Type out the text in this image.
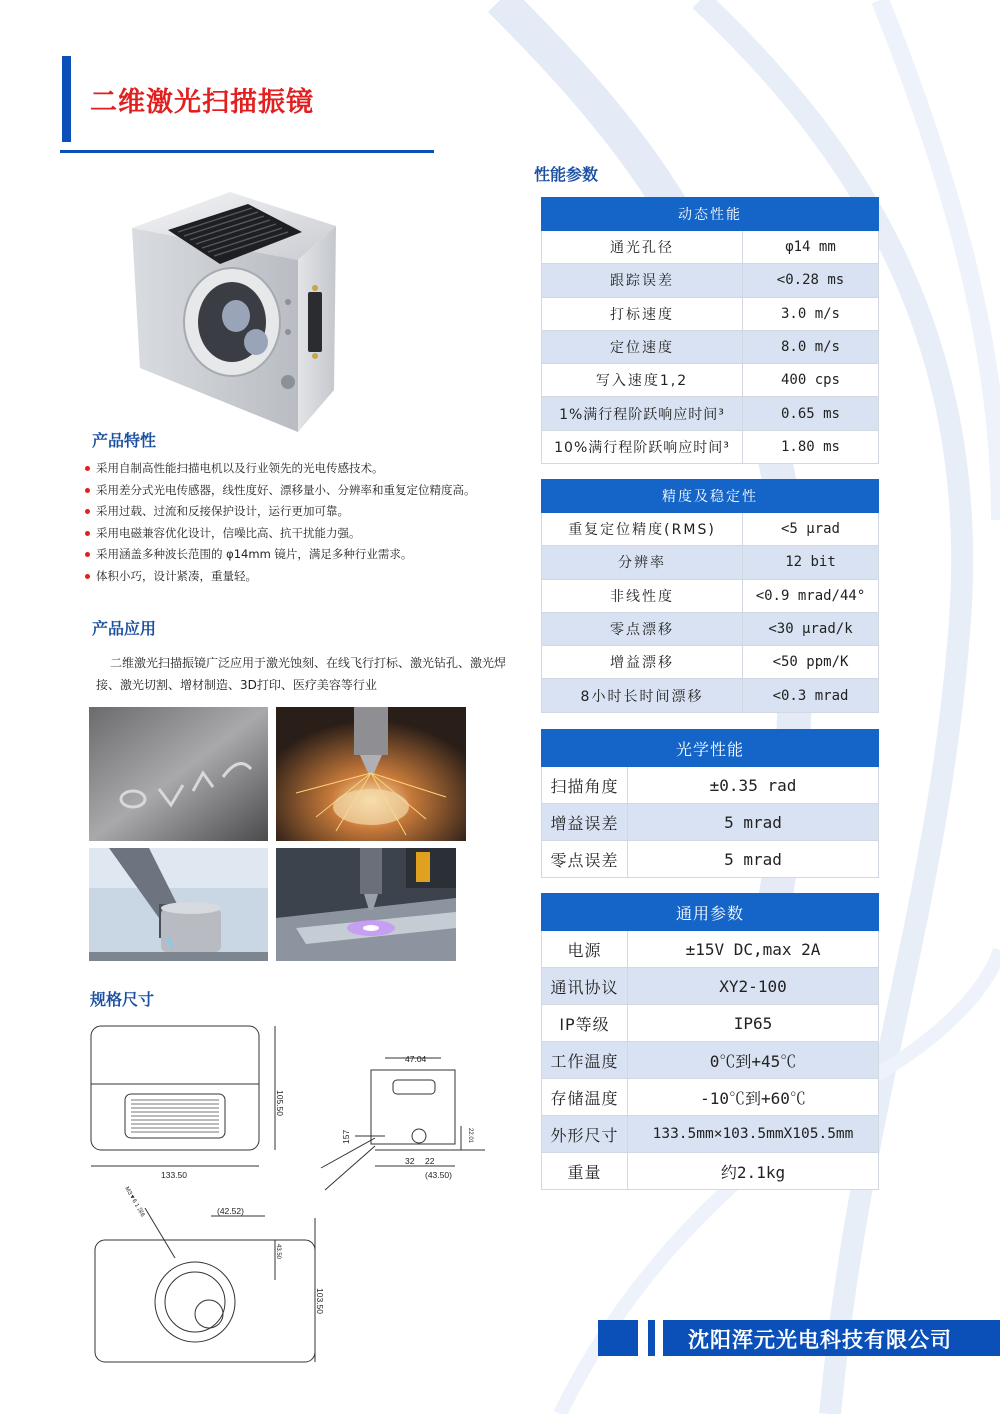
二维激光扫描振镜
产品特性
采用自制高性能扫描电机以及行业领先的光电传感技术。
采用差分式光电传感器，线性度好、漂移量小、分辨率和重复定位精度高。
采用过载、过流和反接保护设计，运行更加可靠。
采用电磁兼容优化设计，信噪比高、抗干扰能力强。
采用涵盖多种波长范围的 φ14mm 镜片，满足多种行业需求。
体积小巧，设计紧凑，重量轻。
产品应用
二维激光扫描振镜广泛应用于激光蚀刻、在线飞行打标、激光钻孔、激光焊接、激光切割、增材制造、3D打印、医疗美容等行业
规格尺寸
105.50
133.50
47.04
157
32 22
(43.50)
22.01
(42.52)
103.50
43.50
M3▼6 1 深6
性能参数
动态性能	
通光孔径	φ14 mm
跟踪误差	<0.28 ms
打标速度	3.0 m/s
定位速度	8.0 m/s
写入速度1,2	400 cps
1%满行程阶跃响应时间³	0.65 ms
10%满行程阶跃响应时间³	1.80 ms
精度及稳定性	
重复定位精度(RMS)	<5 μrad
分辨率	12 bit
非线性度	<0.9 mrad/44°
零点漂移	<30 μrad/k
增益漂移	<50 ppm/K
8小时长时间漂移	<0.3 mrad
光学性能	
扫描角度	±0.35 rad
增益误差	5 mrad
零点误差	5 mrad
通用参数	
电源	±15V DC,max 2A
通讯协议	XY2-100
IP等级	IP65
工作温度	0℃到+45℃
存储温度	-10℃到+60℃
外形尺寸	133.5mm×103.5mmX105.5mm
重量	约2.1kg
沈阳浑元光电科技有限公司
